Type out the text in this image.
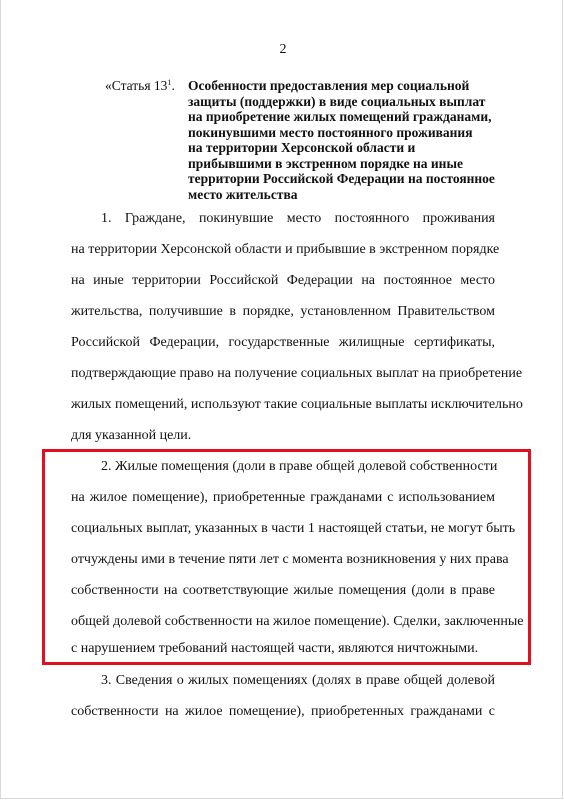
2
«Статья $13^1$. Особенности предоставления мер социальной
защиты (поддержки) в виде социальных выплат
на приобретение жилых помещений гражданами,
покинувшими место постоянного проживания
на территории Херсонской области и
прибывшими в экстренном порядке на иные
территории Российской Федерации на постоянное
место жительства
1. Граждане, покинувшие место постоянного проживания
на территории Херсонской области и прибывшие в экстренном порядке
на иные территории Российской Федерации на постоянное место
жительства, получившие в порядке, установленном Правительством
Российской Федерации, государственные жилищные сертификаты,
подтверждающие право на получение социальных выплат на приобретение
жилых помещений, используют такие социальные выплаты исключительно
для указанной цели.
2. Жилые помещения (доли в праве общей долевой собственности
на жилое помещение), приобретенные гражданами с использованием
социальных выплат, указанных в части 1 настоящей статьи, не могут быть
отчуждены ими в течение пяти лет с момента возникновения у них права
собственности на соответствующие жилые помещения (доли в праве
общей долевой собственности на жилое помещение). Сделки, заключенные
с нарушением требований настоящей части, являются ничтожными.
3. Сведения о жилых помещениях (долях в праве общей долевой
собственности на жилое помещение), приобретенных гражданами с
